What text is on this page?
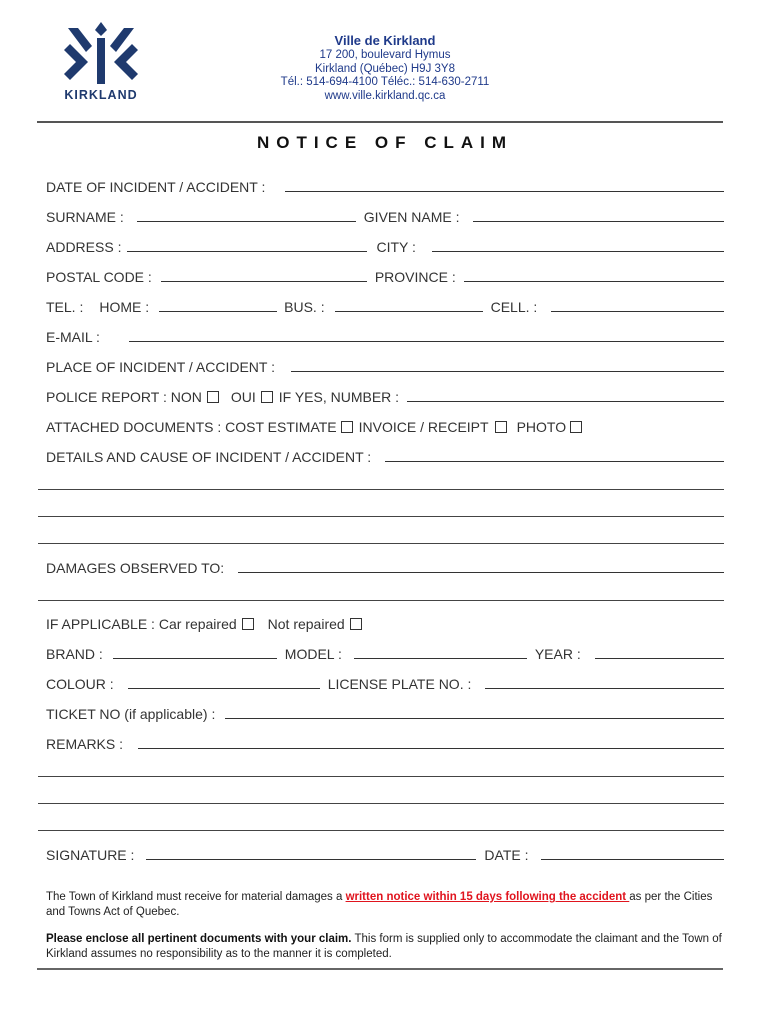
KIRKLAND
Ville de Kirkland
17 200, boulevard Hymus
Kirkland (Québec) H9J 3Y8
Tél.: 514-694-4100 Téléc.: 514-630-2711
www.ville.kirkland.qc.ca
NOTICE OF CLAIM
DATE OF INCIDENT / ACCIDENT :
SURNAME :	GIVEN NAME :
ADDRESS :	CITY :
POSTAL CODE :	PROVINCE :
TEL. : HOME :	BUS. :	CELL. :
E-MAIL :
PLACE OF INCIDENT / ACCIDENT :
POLICE REPORT : NON OUI IF YES, NUMBER :
ATTACHED DOCUMENTS : COST ESTIMATE INVOICE / RECEIPT PHOTO
DETAILS AND CAUSE OF INCIDENT / ACCIDENT :
DAMAGES OBSERVED TO:
IF APPLICABLE : Car repaired Not repaired
BRAND :	MODEL :	YEAR :
COLOUR :	LICENSE PLATE NO. :
TICKET NO (if applicable) :
REMARKS :
SIGNATURE :	DATE :
The Town of Kirkland must receive for material damages a written notice within 15 days following the accident as per the Cities and Towns Act of Quebec.
Please enclose all pertinent documents with your claim. This form is supplied only to accommodate the claimant and the Town of Kirkland assumes no responsibility as to the manner it is completed.
